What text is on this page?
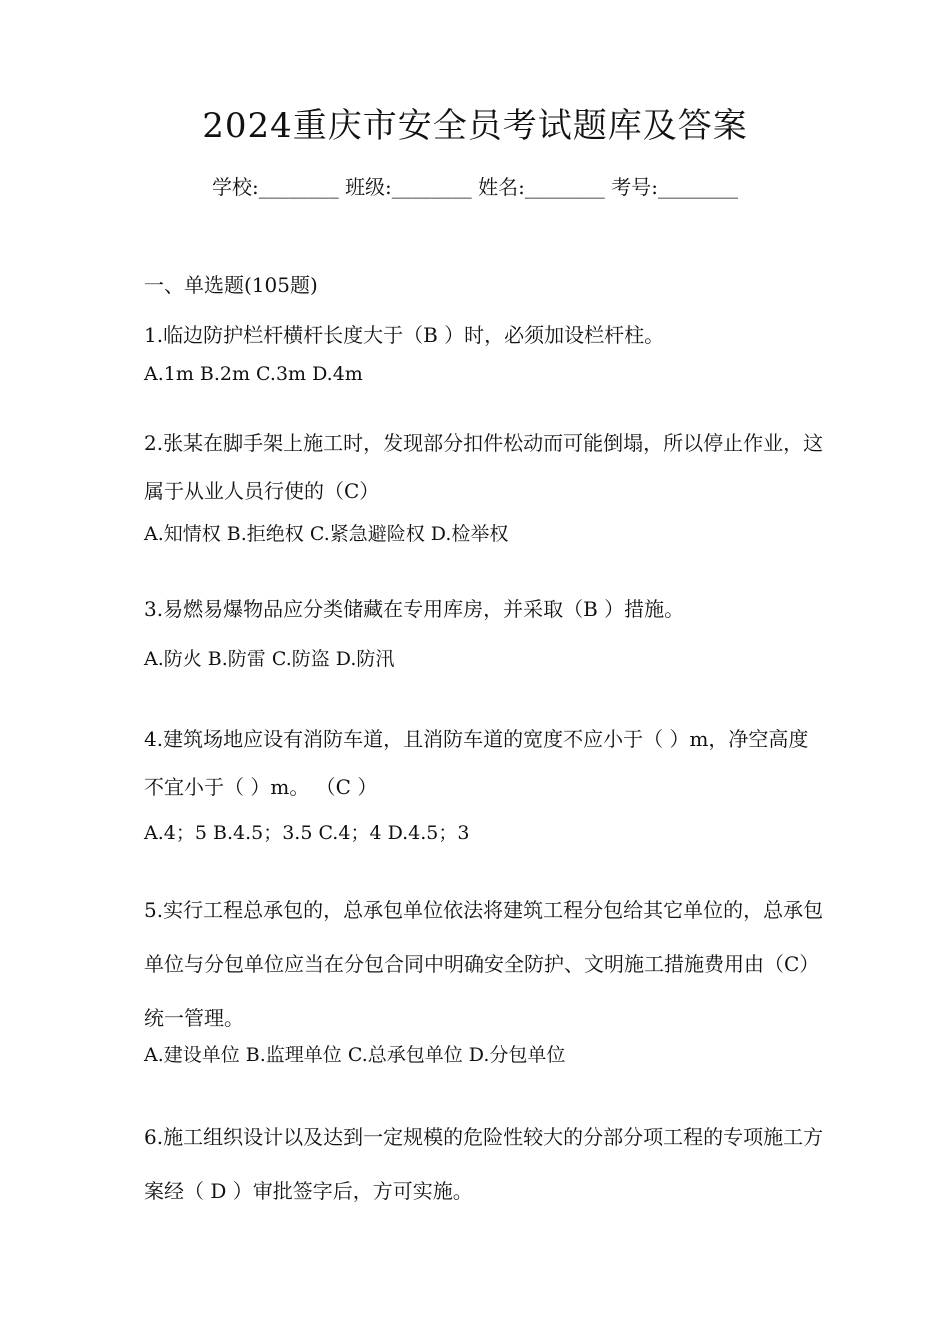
2024重庆市安全员考试题库及答案
学校:________ 班级:________ 姓名:________ 考号:________
一、单选题(105题)
1.临边防护栏杆横杆长度大于（B ）时，必须加设栏杆柱。
A.1m B.2m C.3m D.4m
2.张某在脚手架上施工时，发现部分扣件松动而可能倒塌，所以停止作业，这属于从业人员行使的（C）
A.知情权 B.拒绝权 C.紧急避险权 D.检举权
3.易燃易爆物品应分类储藏在专用库房，并采取（B ）措施。
A.防火 B.防雷 C.防盗 D.防汛
4.建筑场地应设有消防车道，且消防车道的宽度不应小于（ ）m，净空高度不宜小于（ ）m。 （C ）
A.4；5 B.4.5；3.5 C.4；4 D.4.5；3
5.实行工程总承包的，总承包单位依法将建筑工程分包给其它单位的，总承包单位与分包单位应当在分包合同中明确安全防护、文明施工措施费用由（C）统一管理。
A.建设单位 B.监理单位 C.总承包单位 D.分包单位
6.施工组织设计以及达到一定规模的危险性较大的分部分项工程的专项施工方案经（ D ）审批签字后，方可实施。
